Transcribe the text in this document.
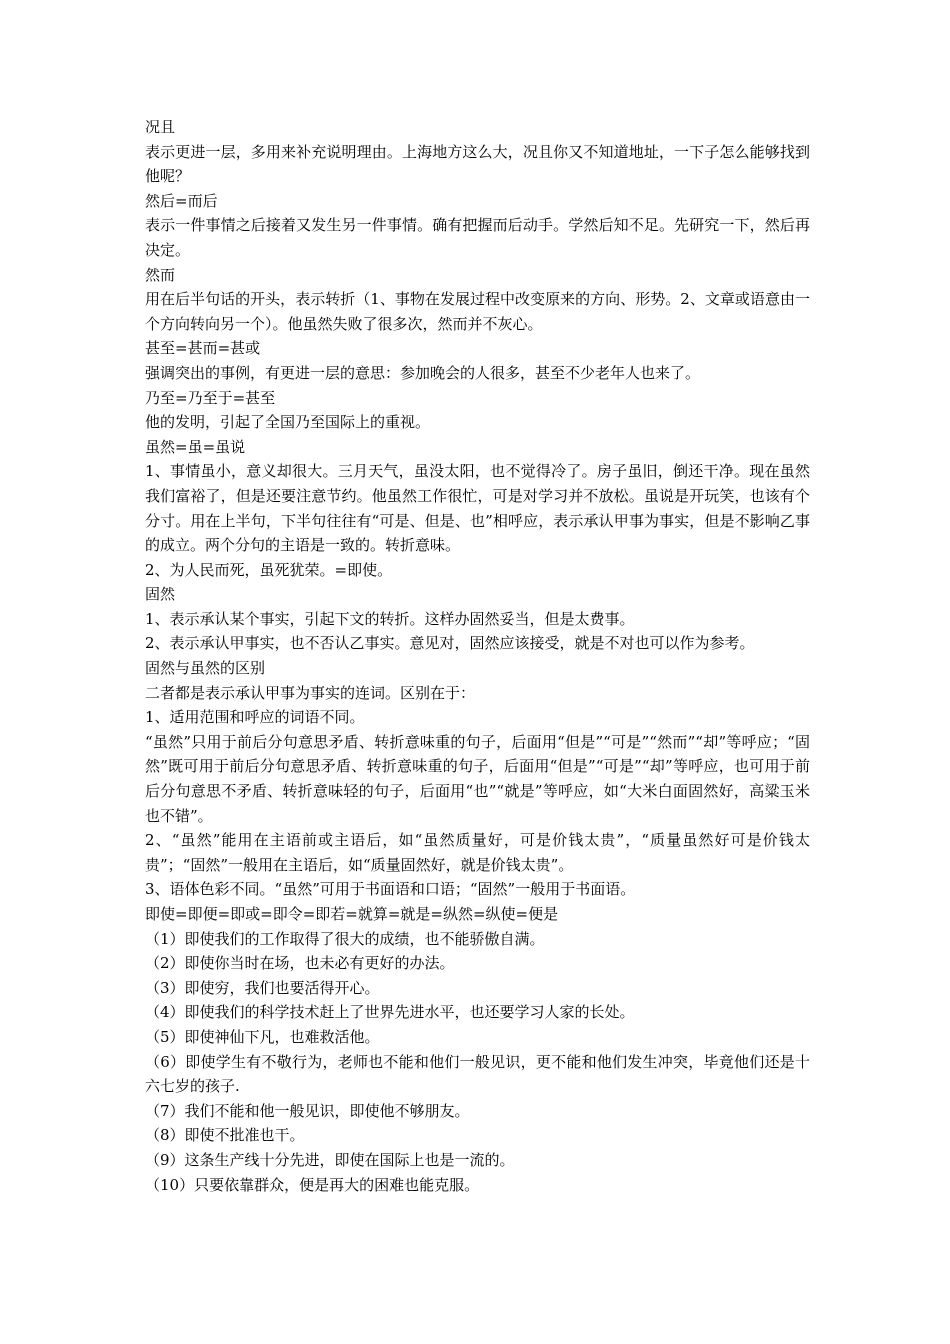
况且

表示更进一层，多用来补充说明理由。上海地方这么大，况且你又不知道地址，一下子怎么能够找到他呢？

然后=而后

表示一件事情之后接着又发生另一件事情。确有把握而后动手。学然后知不足。先研究一下，然后再决定。

然而

用在后半句话的开头，表示转折（1、事物在发展过程中改变原来的方向、形势。2、文章或语意由一个方向转向另一个）。他虽然失败了很多次，然而并不灰心。

甚至=甚而=甚或

强调突出的事例，有更进一层的意思：参加晚会的人很多，甚至不少老年人也来了。

乃至=乃至于=甚至

他的发明，引起了全国乃至国际上的重视。

虽然=虽=虽说

1、事情虽小，意义却很大。三月天气，虽没太阳，也不觉得冷了。房子虽旧，倒还干净。现在虽然我们富裕了，但是还要注意节约。他虽然工作很忙，可是对学习并不放松。虽说是开玩笑，也该有个分寸。用在上半句，下半句往往有“可是、但是、也”相呼应，表示承认甲事为事实，但是不影响乙事的成立。两个分句的主语是一致的。转折意味。

2、为人民而死，虽死犹荣。=即使。

固然

1、表示承认某个事实，引起下文的转折。这样办固然妥当，但是太费事。

2、表示承认甲事实，也不否认乙事实。意见对，固然应该接受，就是不对也可以作为参考。

固然与虽然的区别

二者都是表示承认甲事为事实的连词。区别在于：

1、适用范围和呼应的词语不同。

“虽然”只用于前后分句意思矛盾、转折意味重的句子，后面用“但是”“可是”“然而”“却”等呼应；“固然”既可用于前后分句意思矛盾、转折意味重的句子，后面用“但是”“可是”“却”等呼应，也可用于前后分句意思不矛盾、转折意味轻的句子，后面用“也”“就是”等呼应，如“大米白面固然好，高粱玉米也不错”。

2、“虽然”能用在主语前或主语后，如“虽然质量好，可是价钱太贵”，“质量虽然好可是价钱太贵”；“固然”一般用在主语后，如“质量固然好，就是价钱太贵”。

3、语体色彩不同。“虽然”可用于书面语和口语；“固然”一般用于书面语。

即使=即便=即或=即令=即若=就算=就是=纵然=纵使=便是

（1）即使我们的工作取得了很大的成绩，也不能骄傲自满。

（2）即使你当时在场，也未必有更好的办法。

（3）即使穷，我们也要活得开心。

（4）即使我们的科学技术赶上了世界先进水平，也还要学习人家的长处。

（5）即使神仙下凡，也难救活他。

（6）即使学生有不敬行为，老师也不能和他们一般见识，更不能和他们发生冲突，毕竟他们还是十六七岁的孩子.

（7）我们不能和他一般见识，即使他不够朋友。

（8）即使不批准也干。

（9）这条生产线十分先进，即使在国际上也是一流的。

（10）只要依靠群众，便是再大的困难也能克服。
